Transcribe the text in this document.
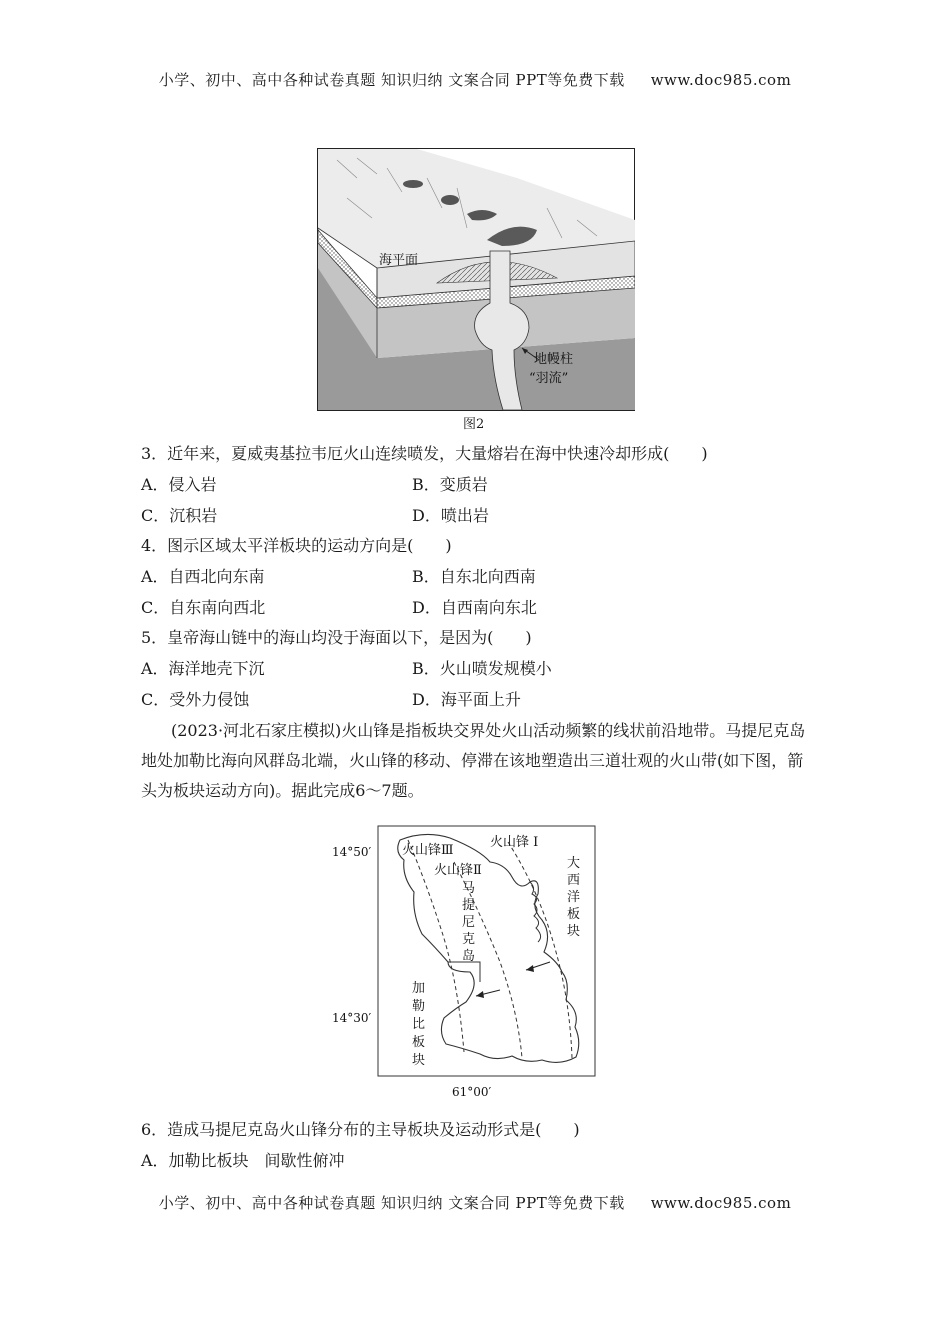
小学、初中、高中各种试卷真题 知识归纳 文案合同 PPT等免费下载 www.doc985.com
海平面
地幔柱
“羽流”
图2
3．近年来，夏威夷基拉韦厄火山连续喷发，大量熔岩在海中快速冷却形成(　　)
A．侵入岩	B．变质岩
C．沉积岩	D．喷出岩
4．图示区域太平洋板块的运动方向是(　　)
A．自西北向东南	B．自东北向西南
C．自东南向西北	D．自西南向东北
5．皇帝海山链中的海山均没于海面以下，是因为(　　)
A．海洋地壳下沉	B．火山喷发规模小
C．受外力侵蚀	D．海平面上升
(2023·河北石家庄模拟)火山锋是指板块交界处火山活动频繁的线状前沿地带。马提尼克岛地处加勒比海向风群岛北端，火山锋的移动、停滞在该地塑造出三道壮观的火山带(如下图，箭头为板块运动方向)。据此完成6～7题。
火山锋Ⅲ
火山锋Ⅱ
火山锋 Ⅰ
14°50′
14°30′
61°00′
马提尼克岛
大西洋板块
加勒比板块
6．造成马提尼克岛火山锋分布的主导板块及运动形式是(　　)
A．加勒比板块　间歇性俯冲
小学、初中、高中各种试卷真题 知识归纳 文案合同 PPT等免费下载 www.doc985.com
